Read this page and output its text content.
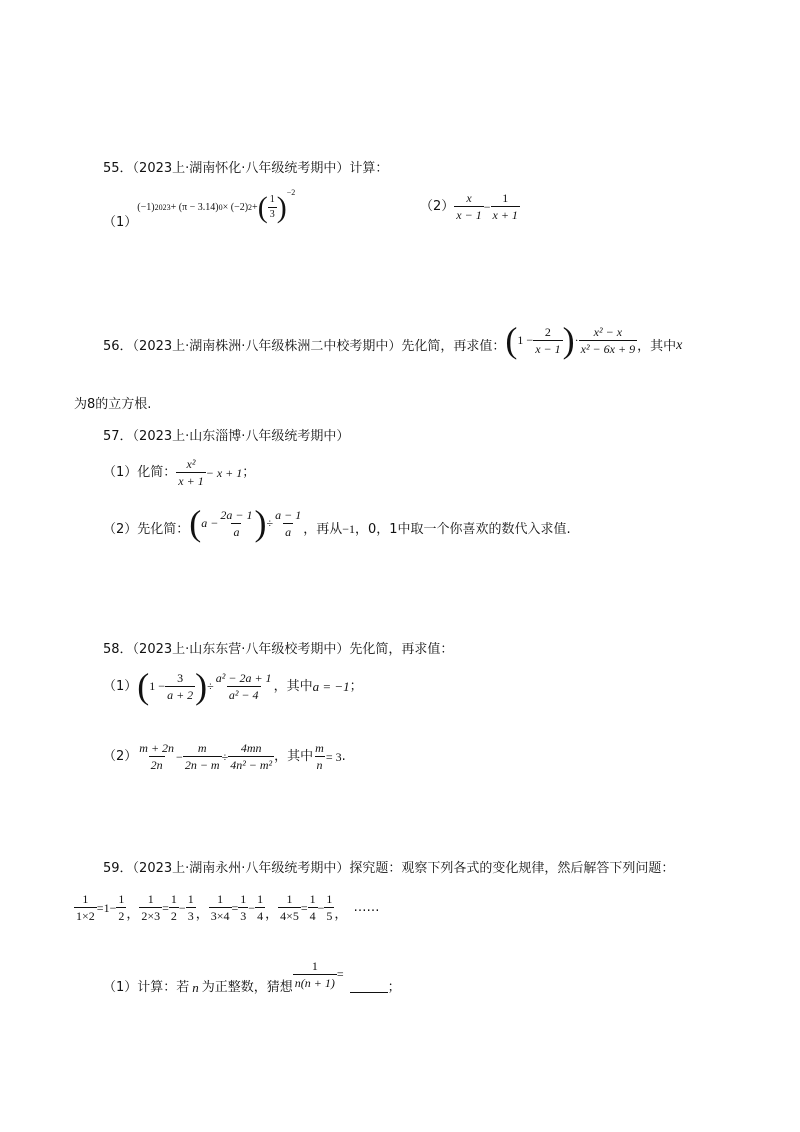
55．（2023上·湖南怀化·八年级统考期中）计算：
（1）
(−1) 2023 + (π − 3.14) 0 × (−2) 2 + ( 1
3 ) −2
（2）
x
x − 1
− $\frac{1}{x + 1}$
56．（2023上·湖南株洲·八年级株洲二中校考期中）先化简，再求值： ( $1 - \frac{2}{x - 1}$ ) ·
x² − x
x² − 6x + 9 ，其中 x
为8的立方根.
57．（2023上·山东淄博·八年级统考期中）
（1）化简：
x²
x + 1
− x + 1 ；
（2）先化简： ( $a - \frac{2a - 1}{a}$ ) ÷ $\frac{a - 1}{a}$ ，再从 −1 ，0，1中取一个你喜欢的数代入求值.
58．（2023上·山东东营·八年级校考期中）先化简，再求值：
（1） ( $1 - \frac{3}{a + 2}$ ) ÷ $\frac{\text{a² − 2a + 1}}{\text{a² − 4}}$ ，其中 a = −1 ；
（2）
m + 2n
2n
− $\frac{m}{2n - m} \div \frac{4mn}{\text{4n² − m²}}$ ，其中 $\frac{m}{n} = 3$ .
59．（2023上·湖南永州·八年级统考期中）探究题：观察下列各式的变化规律，然后解答下列问题：
$\frac{1}{1\times 2} = 1 - \frac{1}{2}$ ， $\frac{1}{2\times 3} = \frac{1}{2} - \frac{1}{3}$ ， $\frac{1}{3\times 4} = \frac{1}{3} - \frac{1}{4}$ ， $\frac{1}{4\times 5} = \frac{1}{4} - \frac{1}{5}$ ， ……
（1）计算：若 n 为正整数，猜想 $\frac{1}{n(n + 1)}$ =
；
